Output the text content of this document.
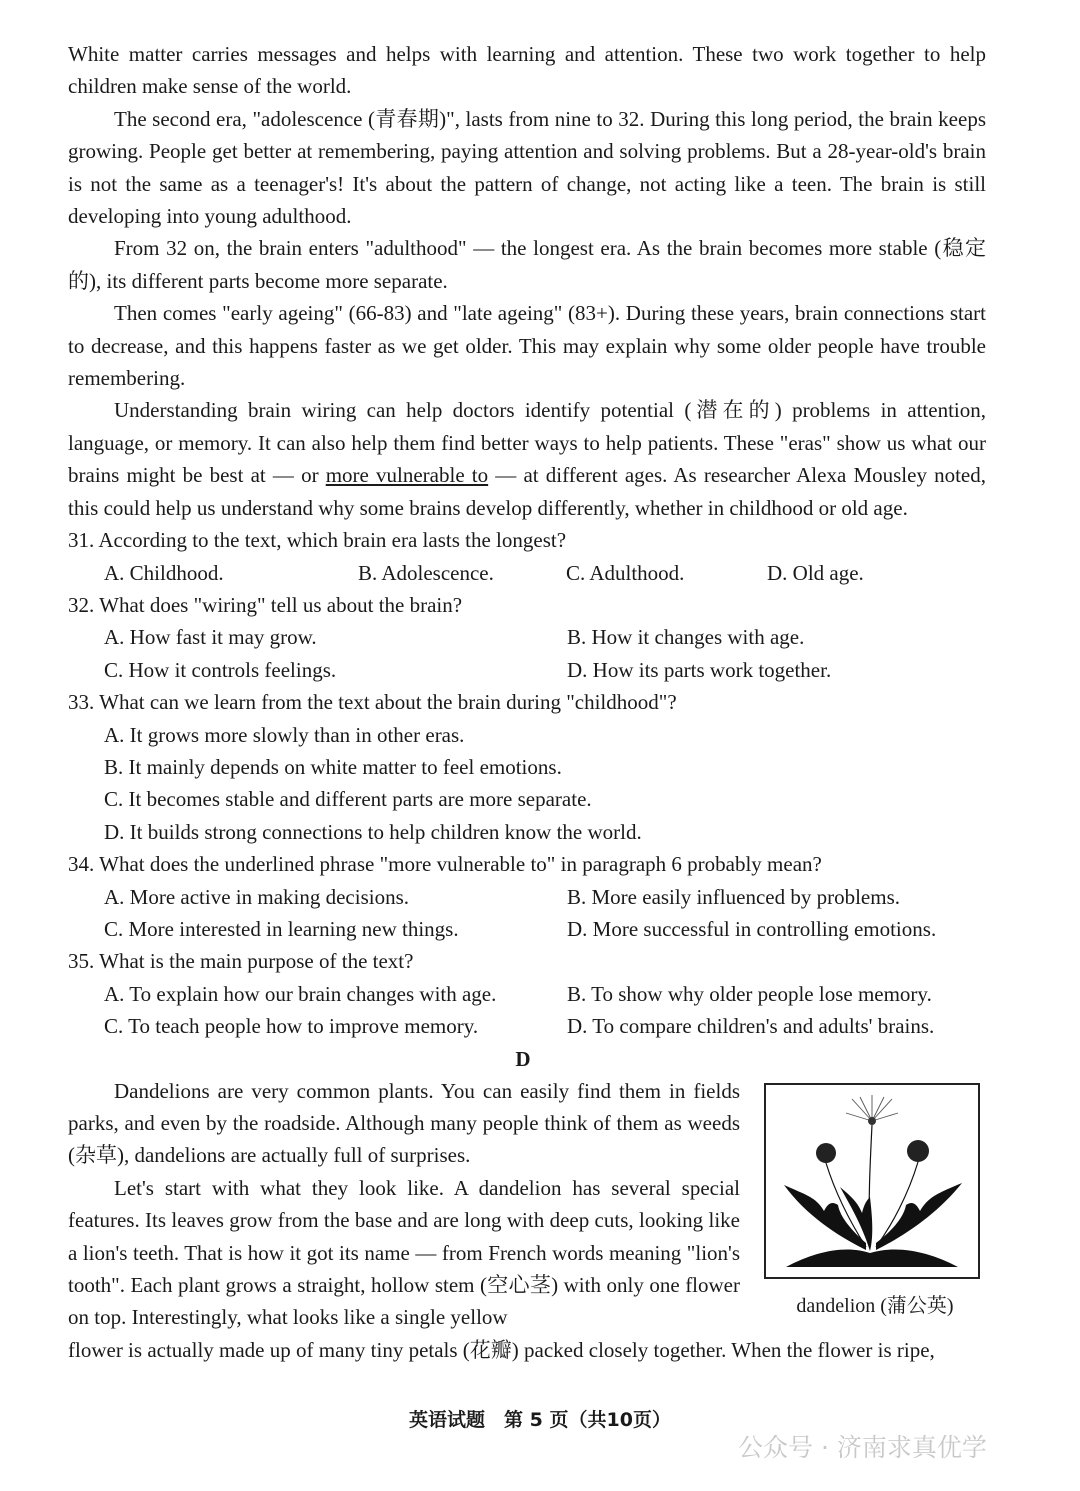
White matter carries messages and helps with learning and attention. These two work together to help children make sense of the world.

The second era, "adolescence (青春期)", lasts from nine to 32. During this long period, the brain keeps growing. People get better at remembering, paying attention and solving problems. But a 28-year-old's brain is not the same as a teenager's! It's about the pattern of change, not acting like a teen. The brain is still developing into young adulthood.

From 32 on, the brain enters "adulthood" — the longest era. As the brain becomes more stable (稳定的), its different parts become more separate.

Then comes "early ageing" (66-83) and "late ageing" (83+). During these years, brain connections start to decrease, and this happens faster as we get older. This may explain why some older people have trouble remembering.

Understanding brain wiring can help doctors identify potential (潜在的) problems in attention, language, or memory. It can also help them find better ways to help patients. These "eras" show us what our brains might be best at — or more vulnerable to — at different ages. As researcher Alexa Mousley noted, this could help us understand why some brains develop differently, whether in childhood or old age.

31. According to the text, which brain era lasts the longest?
A. Childhood.	B. Adolescence.	C. Adulthood.	D. Old age.
32. What does "wiring" tell us about the brain?
A. How fast it may grow.	B. How it changes with age.
C. How it controls feelings.	D. How its parts work together.
33. What can we learn from the text about the brain during "childhood"?
A. It grows more slowly than in other eras.
B. It mainly depends on white matter to feel emotions.
C. It becomes stable and different parts are more separate.
D. It builds strong connections to help children know the world.
34. What does the underlined phrase "more vulnerable to" in paragraph 6 probably mean?
A. More active in making decisions.	B. More easily influenced by problems.
C. More interested in learning new things.	D. More successful in controlling emotions.
35. What is the main purpose of the text?
A. To explain how our brain changes with age.	B. To show why older people lose memory.
C. To teach people how to improve memory.	D. To compare children's and adults' brains.
D

Dandelions are very common plants. You can easily find them in fields parks, and even by the roadside. Although many people think of them as weeds (杂草), dandelions are actually full of surprises.

Let's start with what they look like. A dandelion has several special features. Its leaves grow from the base and are long with deep cuts, looking like a lion's teeth. That is how it got its name — from French words meaning "lion's tooth". Each plant grows a straight, hollow stem (空心茎) with only one flower on top. Interestingly, what looks like a single yellow

flower is actually made up of many tiny petals (花瓣) packed closely together. When the flower is ripe,

dandelion (蒲公英)
英语试题　第 5 页（共10页）
公众号 · 济南求真优学
